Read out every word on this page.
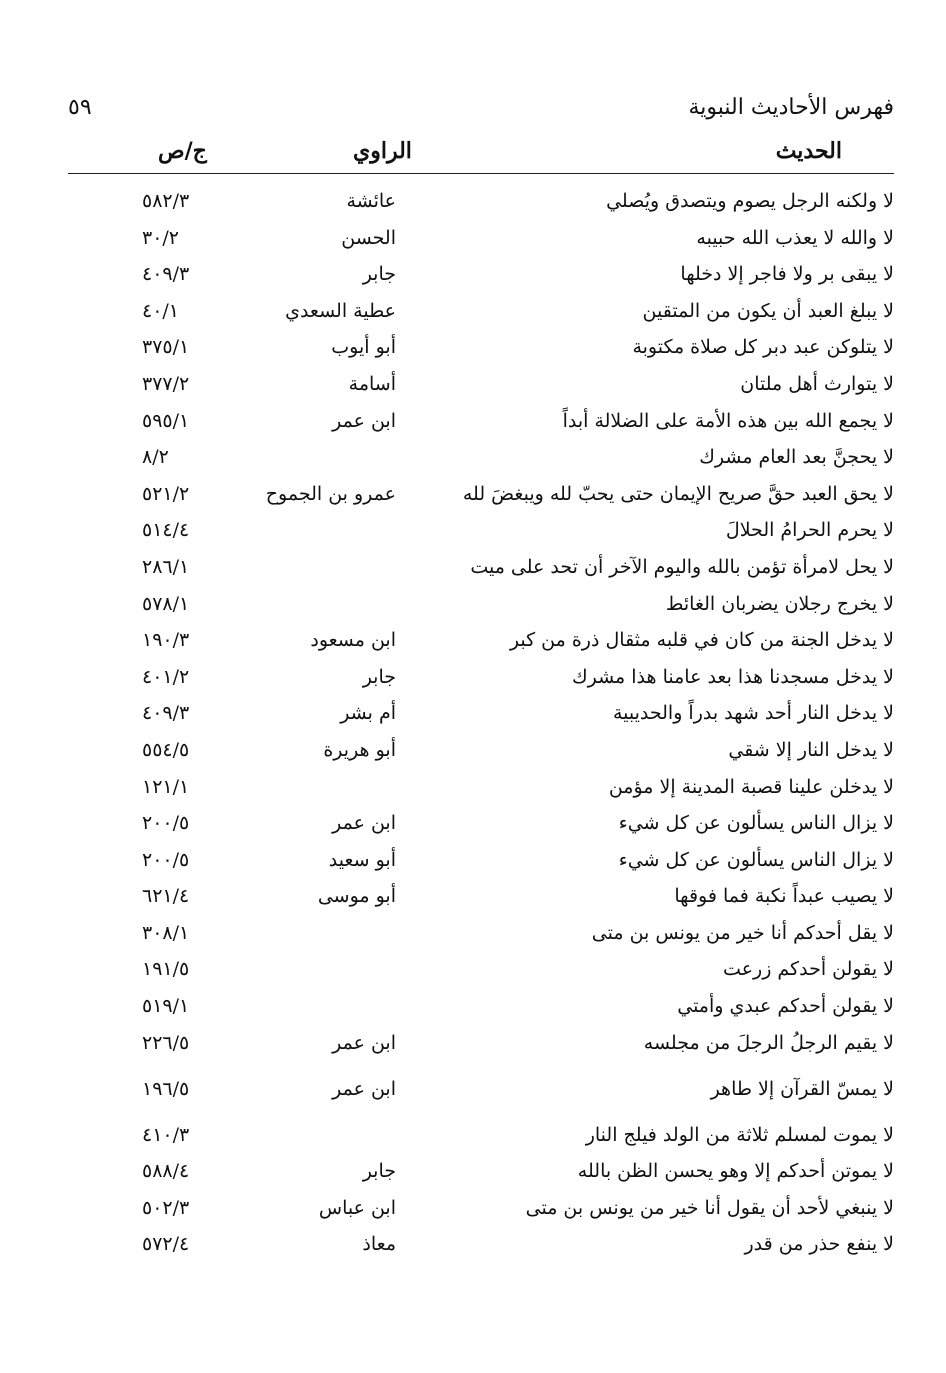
فهرس الأحاديث النبوية
٥٩
الحديث
الراوي
ج/ص
لا ولكنه الرجل يصوم ويتصدق ويُصلي
عائشة
٥٨٢/٣
لا والله لا يعذب الله حبيبه
الحسن
٣٠/٢
لا يبقى بر ولا فاجر إلا دخلها
جابر
٤٠٩/٣
لا يبلغ العبد أن يكون من المتقين
عطية السعدي
٤٠/١
لا يتلوكن عبد دبر كل صلاة مكتوبة
أبو أيوب
٣٧٥/١
لا يتوارث أهل ملتان
أسامة
٣٧٧/٢
لا يجمع الله بين هذه الأمة على الضلالة أبداً
ابن عمر
٥٩٥/١
لا يحجنَّ بعد العام مشرك
٨/٢
لا يحق العبد حقَّ صريح الإيمان حتى يحبّ لله ويبغضَ لله
عمرو بن الجموح
٥٢١/٢
لا يحرم الحرامُ الحلالَ
٥١٤/٤
لا يحل لامرأة تؤمن بالله واليوم الآخر أن تحد على ميت
٢٨٦/١
لا يخرج رجلان يضربان الغائط
٥٧٨/١
لا يدخل الجنة من كان في قلبه مثقال ذرة من كبر
ابن مسعود
١٩٠/٣
لا يدخل مسجدنا هذا بعد عامنا هذا مشرك
جابر
٤٠١/٢
لا يدخل النار أحد شهد بدراً والحديبية
أم بشر
٤٠٩/٣
لا يدخل النار إلا شقي
أبو هريرة
٥٥٤/٥
لا يدخلن علينا قصبة المدينة إلا مؤمن
١٢١/١
لا يزال الناس يسألون عن كل شيء
ابن عمر
٢٠٠/٥
لا يزال الناس يسألون عن كل شيء
أبو سعيد
٢٠٠/٥
لا يصيب عبداً نكبة فما فوقها
أبو موسى
٦٢١/٤
لا يقل أحدكم أنا خير من يونس بن متى
٣٠٨/١
لا يقولن أحدكم زرعت
١٩١/٥
لا يقولن أحدكم عبدي وأمتي
٥١٩/١
لا يقيم الرجلُ الرجلَ من مجلسه
ابن عمر
٢٢٦/٥
لا يمسّ القرآن إلا طاهر
ابن عمر
١٩٦/٥
لا يموت لمسلم ثلاثة من الولد فيلج النار
٤١٠/٣
لا يموتن أحدكم إلا وهو يحسن الظن بالله
جابر
٥٨٨/٤
لا ينبغي لأحد أن يقول أنا خير من يونس بن متى
ابن عباس
٥٠٢/٣
لا ينفع حذر من قدر
معاذ
٥٧٢/٤
